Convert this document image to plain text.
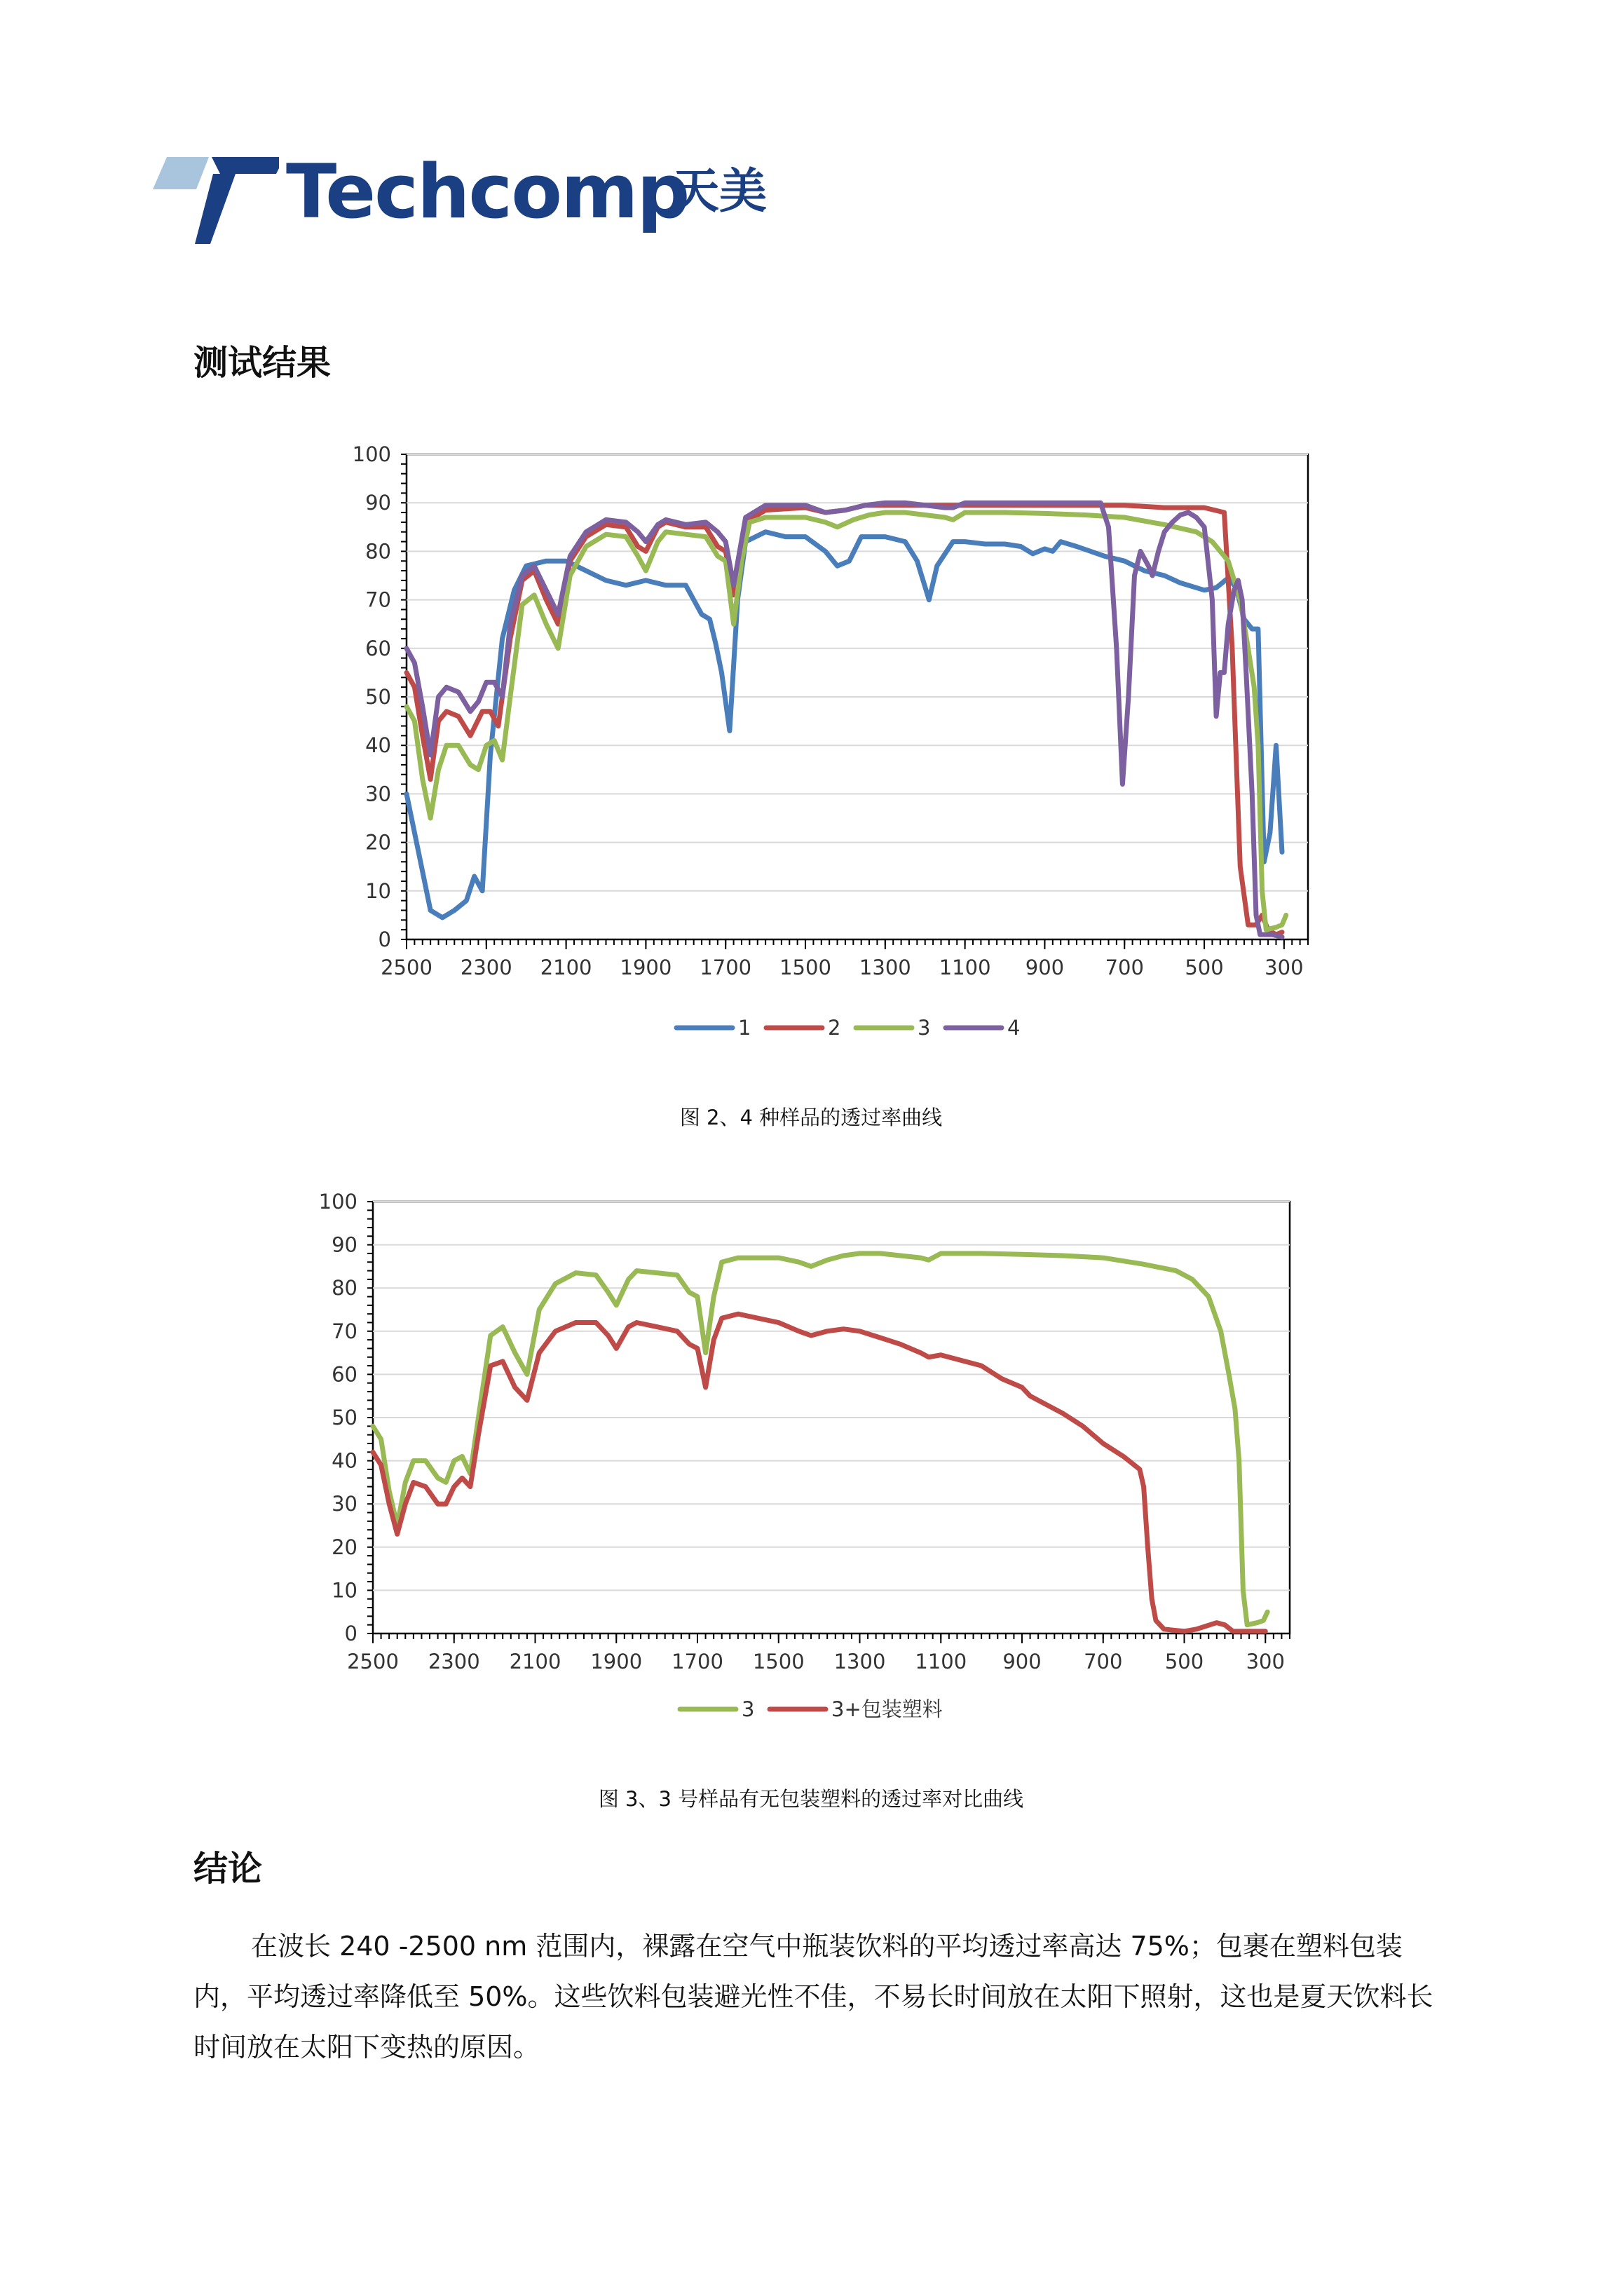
Techcomp
天美
测试结果
0
10
20
30
40
50
60
70
80
90
100
2500 2300 2100 1900 1700 1500 1300 1100 900 700 500 300
1	2	3	4
图 2、4 种样品的透过率曲线
0
10
20
30
40
50
60
70
80
90
100
2500 2300 2100 1900 1700 1500 1300 1100 900 700 500 300
3	3+包装塑料
图 3、3 号样品有无包装塑料的透过率对比曲线
结论

在波长 240 -2500 nm 范围内，裸露在空气中瓶装饮料的平均透过率高达 75%；包裹在塑料包装内，平均透过率降低至 50%。这些饮料包装避光性不佳，不易长时间放在太阳下照射，这也是夏天饮料长时间放在太阳下变热的原因。
